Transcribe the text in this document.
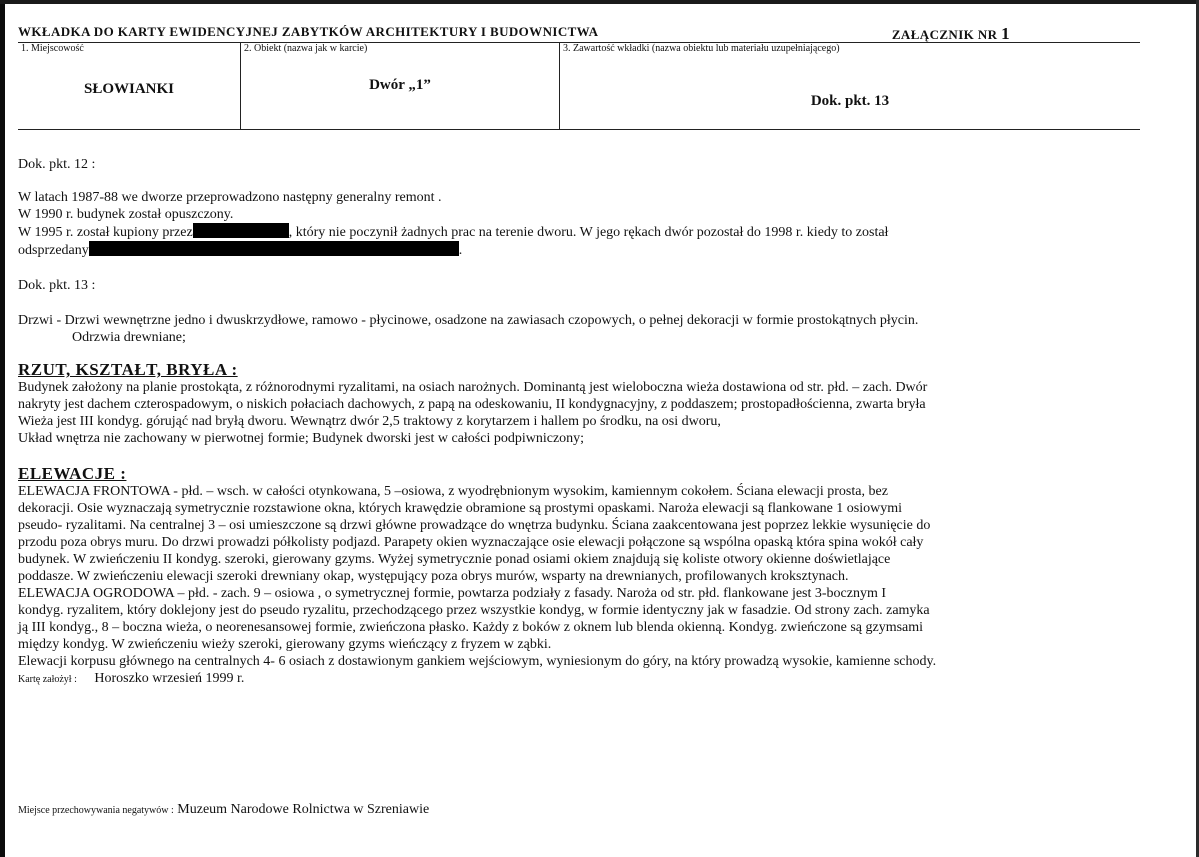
WKŁADKA DO KARTY EWIDENCYJNEJ ZABYTKÓW ARCHITEKTURY I BUDOWNICTWA	ZAŁĄCZNIK NR 1
1. Miejscowość
SŁOWIANKI

2. Obiekt (nazwa jak w karcie)
Dwór „1”

3. Zawartość wkładki (nazwa obiektu lub materiału uzupełniającego)
Dok. pkt. 13
Dok. pkt. 12 :
W latach 1987-88 we dworze przeprowadzono następny generalny remont .
W 1990 r. budynek został opuszczony.
W 1995 r. został kupiony przez	, który nie poczynił żadnych prac na terenie dworu. W jego rękach dwór pozostał do 1998 r. kiedy to został
odsprzedany	.
Dok. pkt. 13 :
Drzwi - Drzwi wewnętrzne jedno i dwuskrzydłowe, ramowo - płycinowe, osadzone na zawiasach czopowych, o pełnej dekoracji w formie prostokątnych płycin.
Odrzwia drewniane;
RZUT, KSZTAŁT, BRYŁA :
Budynek założony na planie prostokąta, z różnorodnymi ryzalitami, na osiach narożnych. Dominantą jest wieloboczna wieża dostawiona od str. płd. – zach. Dwór
nakryty jest dachem czterospadowym, o niskich połaciach dachowych, z papą na odeskowaniu, II kondygnacyjny, z poddaszem; prostopadłościenna, zwarta bryła
Wieża jest III kondyg. górująć nad bryłą dworu. Wewnątrz dwór 2,5 traktowy z korytarzem i hallem po środku, na osi dworu,
Układ wnętrza nie zachowany w pierwotnej formie; Budynek dworski jest w całości podpiwniczony;
ELEWACJE :
ELEWACJA FRONTOWA - płd. – wsch. w całości otynkowana, 5 –osiowa, z wyodrębnionym wysokim, kamiennym cokołem. Ściana elewacji prosta, bez
dekoracji. Osie wyznaczają symetrycznie rozstawione okna, których krawędzie obramione są prostymi opaskami. Naroża elewacji są flankowane 1 osiowymi
pseudo- ryzalitami. Na centralnej 3 – osi umieszczone są drzwi główne prowadzące do wnętrza budynku. Ściana zaakcentowana jest poprzez lekkie wysunięcie do
przodu poza obrys muru. Do drzwi prowadzi półkolisty podjazd. Parapety okien wyznaczające osie elewacji połączone są wspólna opaską która spina wokół cały
budynek. W zwieńczeniu II kondyg. szeroki, gierowany gzyms. Wyżej symetrycznie ponad osiami okiem znajdują się koliste otwory okienne doświetlające
poddasze. W zwieńczeniu elewacji szeroki drewniany okap, występujący poza obrys murów, wsparty na drewnianych, profilowanych kroksztynach.
ELEWACJA OGRODOWA – płd. - zach. 9 – osiowa , o symetrycznej formie, powtarza podziały z fasady. Naroża od str. płd. flankowane jest 3-bocznym I
kondyg. ryzalitem, który doklejony jest do pseudo ryzalitu, przechodzącego przez wszystkie kondyg, w formie identyczny jak w fasadzie. Od strony zach. zamyka
ją III kondyg., 8 – boczna wieża, o neorenesansowej formie, zwieńczona płasko. Każdy z boków z oknem lub blenda okienną. Kondyg. zwieńczone są gzymsami
między kondyg. W zwieńczeniu wieży szeroki, gierowany gzyms wieńczący z fryzem w ząbki.
Elewacji korpusu głównego na centralnych 4- 6 osiach z dostawionym gankiem wejściowym, wyniesionym do góry, na który prowadzą wysokie, kamienne schody.
Kartę założył : Horoszko wrzesień 1999 r.
Miejsce przechowywania negatywów : Muzeum Narodowe Rolnictwa w Szreniawie
